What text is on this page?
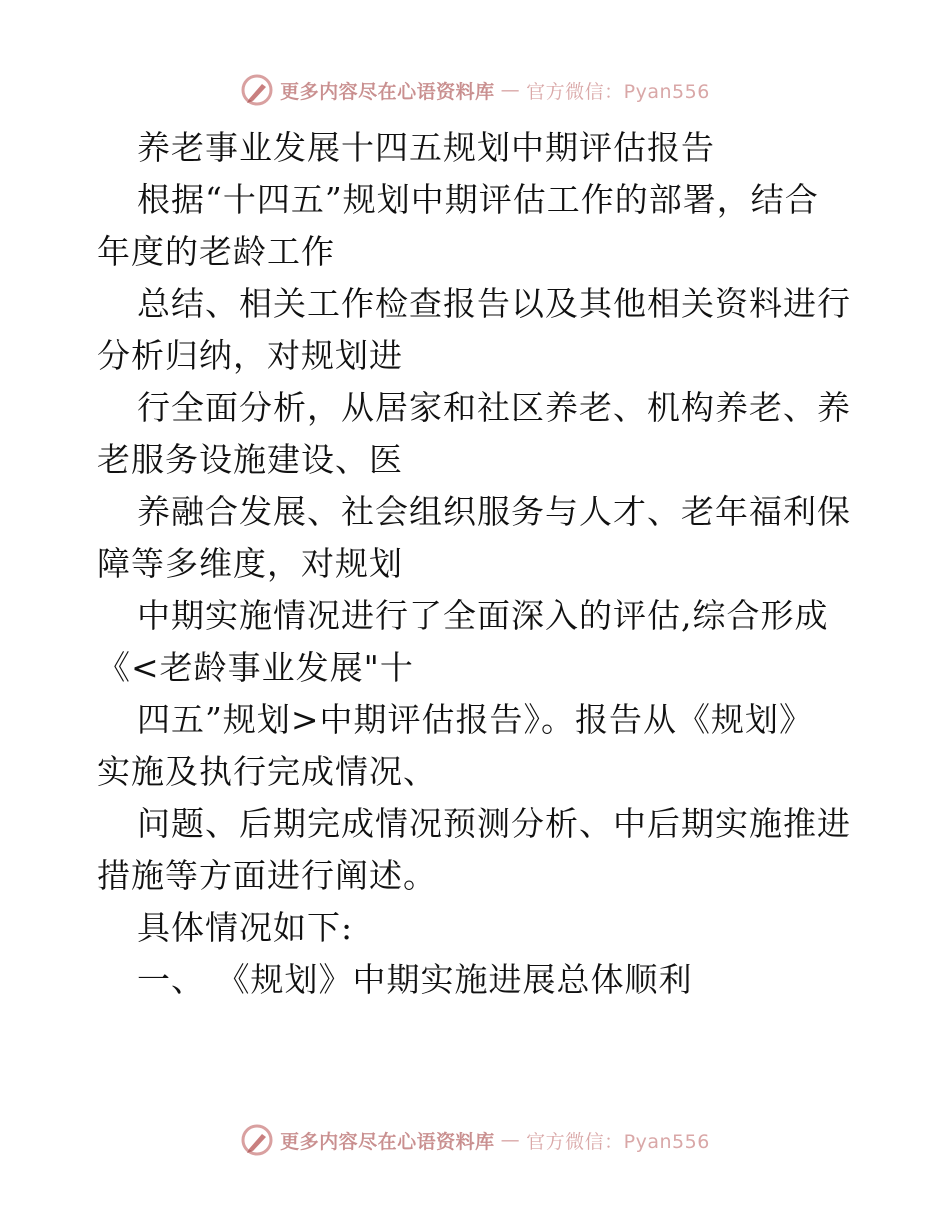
更多内容尽在心语资料库 — 官方微信：Pyan556
养老事业发展十四五规划中期评估报告
根据“十四五”规划中期评估工作的部署，结合
年度的老龄工作
总结、相关工作检查报告以及其他相关资料进行
分析归纳，对规划进
行全面分析，从居家和社区养老、机构养老、养
老服务设施建设、医
养融合发展、社会组织服务与人才、老年福利保
障等多维度，对规划
中期实施情况进行了全面深入的评估,综合形成
《<老龄事业发展"十
四五”规划>中期评估报告》。报告从《规划》
实施及执行完成情况、
问题、后期完成情况预测分析、中后期实施推进
措施等方面进行阐述。
具体情况如下:
一、 《规划》中期实施进展总体顺利
更多内容尽在心语资料库 — 官方微信：Pyan556
